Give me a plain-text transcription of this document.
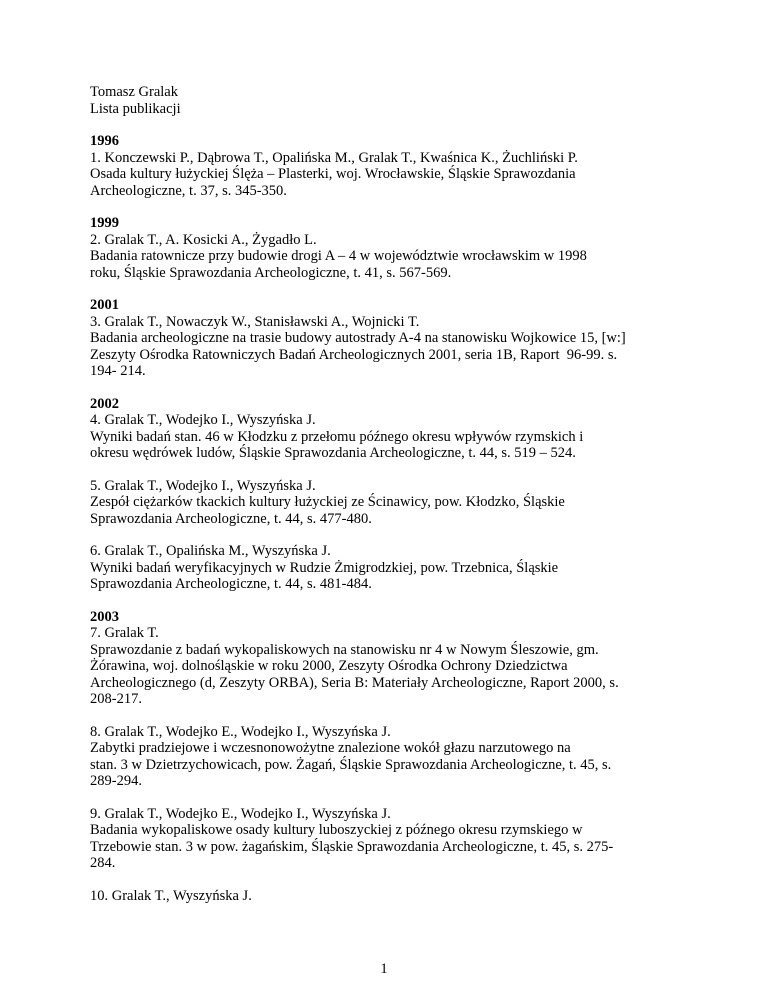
Tomasz Gralak
Lista publikacji
1996
1. Konczewski P., Dąbrowa T., Opalińska M., Gralak T., Kwaśnica K., Żuchliński P.
Osada kultury łużyckiej Ślęża – Plasterki, woj. Wrocławskie, Śląskie Sprawozdania
Archeologiczne, t. 37, s. 345-350.
1999
2. Gralak T., A. Kosicki A., Żygadło L.
Badania ratownicze przy budowie drogi A – 4 w województwie wrocławskim w 1998
roku, Śląskie Sprawozdania Archeologiczne, t. 41, s. 567-569.
2001
3. Gralak T., Nowaczyk W., Stanisławski A., Wojnicki T.
Badania archeologiczne na trasie budowy autostrady A-4 na stanowisku Wojkowice 15, [w:]
Zeszyty Ośrodka Ratowniczych Badań Archeologicznych 2001, seria 1B, Raport  96-99. s.
194- 214.
2002
4. Gralak T., Wodejko I., Wyszyńska J.
Wyniki badań stan. 46 w Kłodzku z przełomu późnego okresu wpływów rzymskich i
okresu wędrówek ludów, Śląskie Sprawozdania Archeologiczne, t. 44, s. 519 – 524.
5. Gralak T., Wodejko I., Wyszyńska J.
Zespół ciężarków tkackich kultury łużyckiej ze Ścinawicy, pow. Kłodzko, Śląskie
Sprawozdania Archeologiczne, t. 44, s. 477-480.
6. Gralak T., Opalińska M., Wyszyńska J.
Wyniki badań weryfikacyjnych w Rudzie Żmigrodzkiej, pow. Trzebnica, Śląskie
Sprawozdania Archeologiczne, t. 44, s. 481-484.
2003
7. Gralak T.
Sprawozdanie z badań wykopaliskowych na stanowisku nr 4 w Nowym Śleszowie, gm.
Żórawina, woj. dolnośląskie w roku 2000, Zeszyty Ośrodka Ochrony Dziedzictwa
Archeologicznego (d, Zeszyty ORBA), Seria B: Materiały Archeologiczne, Raport 2000, s.
208-217.
8. Gralak T., Wodejko E., Wodejko I., Wyszyńska J.
Zabytki pradziejowe i wczesnonowożytne znalezione wokół głazu narzutowego na
stan. 3 w Dzietrzychowicach, pow. Żagań, Śląskie Sprawozdania Archeologiczne, t. 45, s.
289-294.
9. Gralak T., Wodejko E., Wodejko I., Wyszyńska J.
Badania wykopaliskowe osady kultury luboszyckiej z późnego okresu rzymskiego w
Trzebowie stan. 3 w pow. żagańskim, Śląskie Sprawozdania Archeologiczne, t. 45, s. 275-
284.
10. Gralak T., Wyszyńska J.
1
